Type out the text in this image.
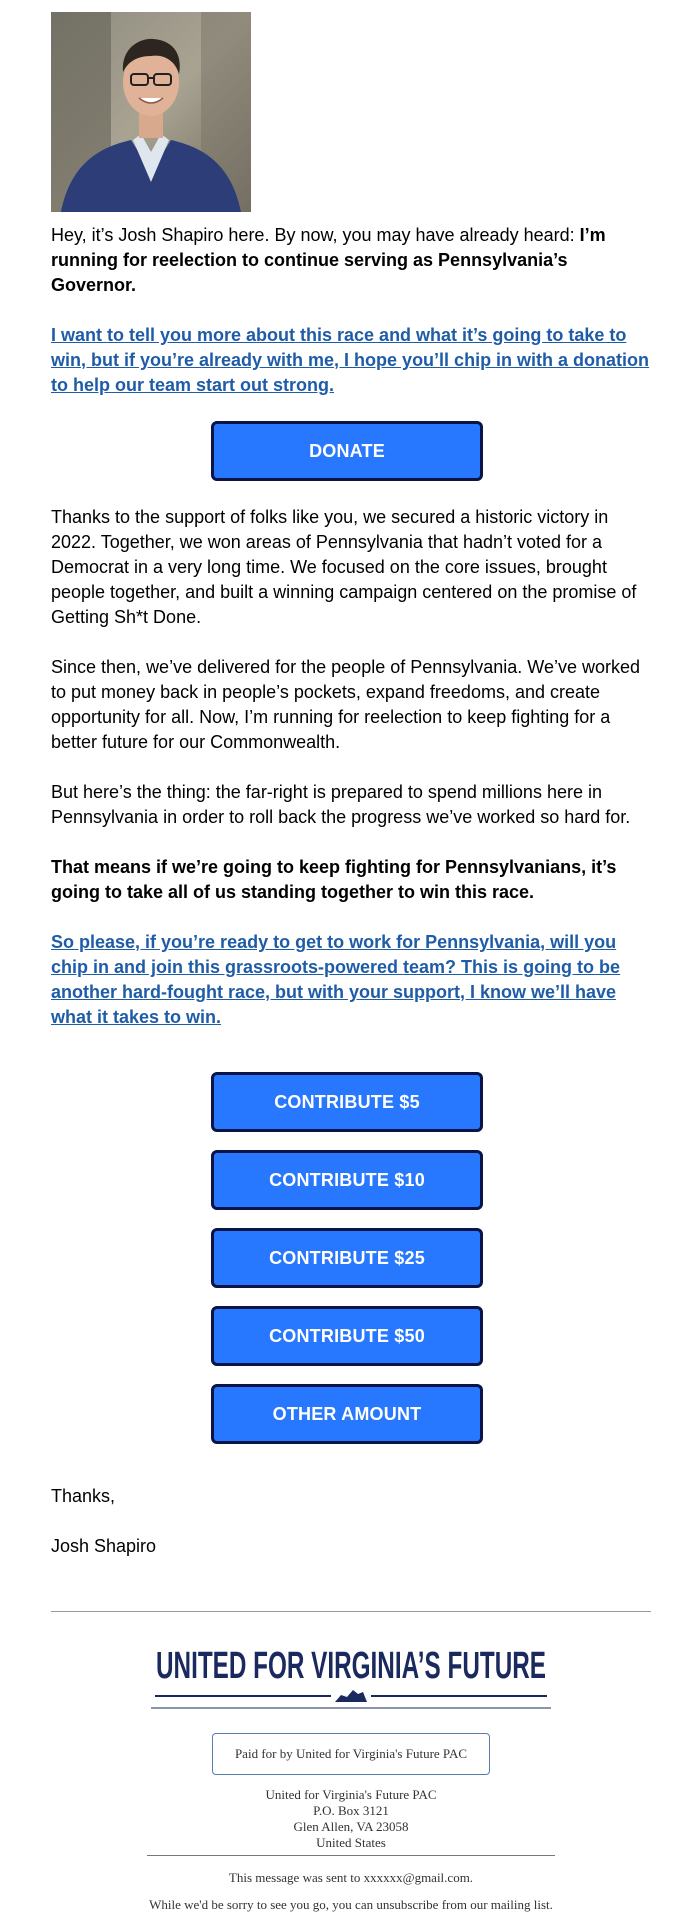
Hey, it’s Josh Shapiro here. By now, you may have already heard: I’m running for reelection to continue serving as Pennsylvania’s Governor.

I want to tell you more about this race and what it’s going to take to win, but if you’re already with me, I hope you’ll chip in with a donation to help our team start out strong.

DONATE

Thanks to the support of folks like you, we secured a historic victory in 2022. Together, we won areas of Pennsylvania that hadn’t voted for a Democrat in a very long time. We focused on the core issues, brought people together, and built a winning campaign centered on the promise of Getting Sh*t Done.

Since then, we’ve delivered for the people of Pennsylvania. We’ve worked to put money back in people’s pockets, expand freedoms, and create opportunity for all. Now, I’m running for reelection to keep fighting for a better future for our Commonwealth.

But here’s the thing: the far-right is prepared to spend millions here in Pennsylvania in order to roll back the progress we’ve worked so hard for.

That means if we’re going to keep fighting for Pennsylvanians, it’s going to take all of us standing together to win this race.

So please, if you’re ready to get to work for Pennsylvania, will you chip in and join this grassroots-powered team? This is going to be another hard-fought race, but with your support, I know we’ll have what it takes to win.

CONTRIBUTE $5
CONTRIBUTE $10
CONTRIBUTE $25
CONTRIBUTE $50
OTHER AMOUNT

Thanks,

Josh Shapiro

UNITED FOR VIRGINIA’S FUTURE
Paid for by United for Virginia's Future PAC
United for Virginia's Future PAC
P.O. Box 3121
Glen Allen, VA 23058
United States
This message was sent to xxxxxx@gmail.com.
While we'd be sorry to see you go, you can unsubscribe from our mailing list.
